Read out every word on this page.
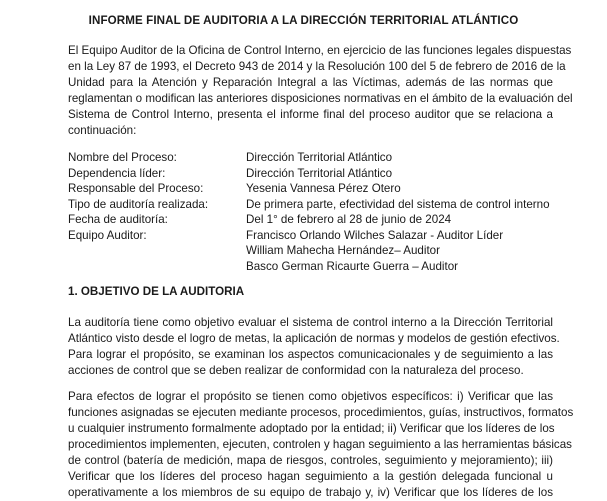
INFORME FINAL DE AUDITORIA A LA DIRECCIÓN TERRITORIAL ATLÁNTICO
El Equipo Auditor de la Oficina de Control Interno, en ejercicio de las funciones legales dispuestas
en la Ley 87 de 1993, el Decreto 943 de 2014 y la Resolución 100 del 5 de febrero de 2016 de la
Unidad para la Atención y Reparación Integral a las Víctimas, además de las normas que
reglamentan o modifican las anteriores disposiciones normativas en el ámbito de la evaluación del
Sistema de Control Interno, presenta el informe final del proceso auditor que se relaciona a
continuación:
Nombre del Proceso:	Dirección Territorial Atlántico
Dependencia líder:	Dirección Territorial Atlántico
Responsable del Proceso:	Yesenia Vannesa Pérez Otero
Tipo de auditoría realizada:	De primera parte, efectividad del sistema de control interno
Fecha de auditoría:	Del 1° de febrero al 28 de junio de 2024
Equipo Auditor:	Francisco Orlando Wilches Salazar - Auditor Líder
William Mahecha Hernández– Auditor
Basco German Ricaurte Guerra – Auditor
1. OBJETIVO DE LA AUDITORIA
La auditoría tiene como objetivo evaluar el sistema de control interno a la Dirección Territorial
Atlántico visto desde el logro de metas, la aplicación de normas y modelos de gestión efectivos.
Para lograr el propósito, se examinan los aspectos comunicacionales y de seguimiento a las
acciones de control que se deben realizar de conformidad con la naturaleza del proceso.
Para efectos de lograr el propósito se tienen como objetivos específicos: i) Verificar que las
funciones asignadas se ejecuten mediante procesos, procedimientos, guías, instructivos, formatos
u cualquier instrumento formalmente adoptado por la entidad; ii) Verificar que los líderes de los
procedimientos implementen, ejecuten, controlen y hagan seguimiento a las herramientas básicas
de control (batería de medición, mapa de riesgos, controles, seguimiento y mejoramiento); iii)
Verificar que los líderes del proceso hagan seguimiento a la gestión delegada funcional u
operativamente a los miembros de su equipo de trabajo y, iv) Verificar que los líderes de los
